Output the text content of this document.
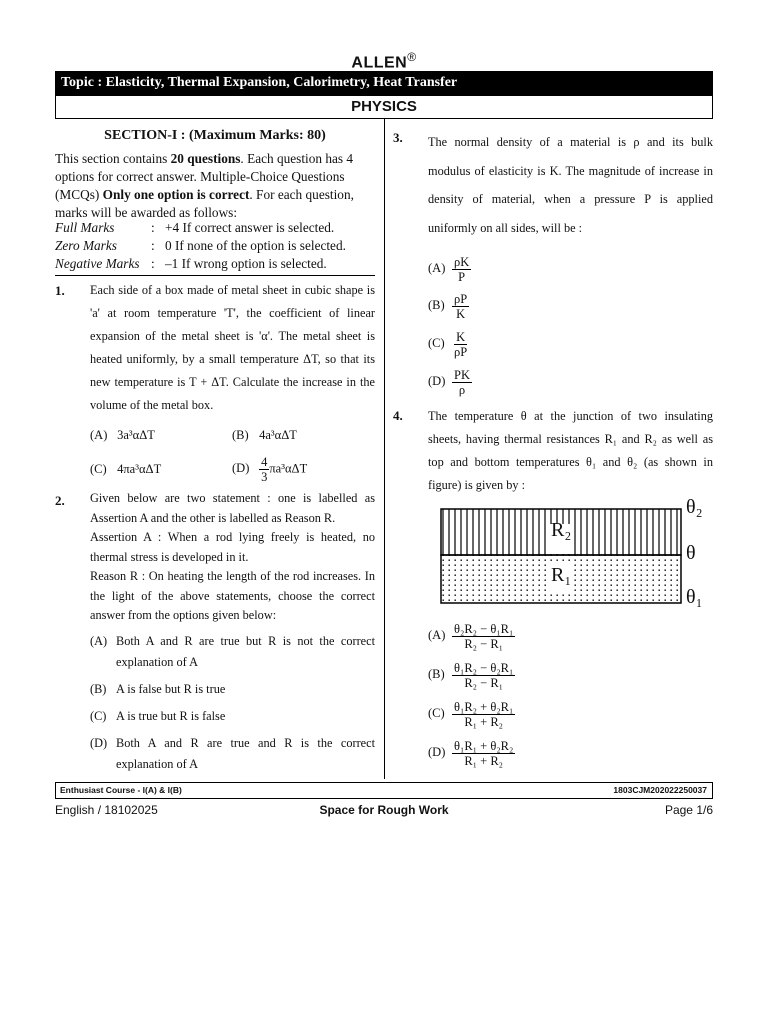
ALLEN®
Topic : Elasticity, Thermal Expansion, Calorimetry, Heat Transfer
PHYSICS
SECTION-I : (Maximum Marks: 80)
This section contains 20 questions. Each question has 4 options for correct answer. Multiple-Choice Questions (MCQs) Only one option is correct. For each question, marks will be awarded as follows:
Full Marks	: +4 If correct answer is selected.
Zero Marks	: 0 If none of the option is selected.
Negative Marks : –1 If wrong option is selected.
1. Each side of a box made of metal sheet in cubic shape is 'a' at room temperature 'T', the coefficient of linear expansion of the metal sheet is 'α'. The metal sheet is heated uniformly, by a small temperature ΔT, so that its new temperature is T + ΔT. Calculate the increase in the volume of the metal box.
(A) 3a³αΔT	(B) 4a³αΔT
(C) 4πa³αΔT	$(D) \frac{4}{3} \pi a^3\alpha\Delta T$
2. Given below are two statement : one is labelled as Assertion A and the other is labelled as Reason R.
Assertion A : When a rod lying freely is heated, no thermal stress is developed in it.
Reason R : On heating the length of the rod increases. In the light of the above statements, choose the correct answer from the options given below:
(A) Both A and R are true but R is not the correct explanation of A
(B) A is false but R is true
(C) A is true but R is false
(D) Both A and R are true and R is the correct explanation of A
3. The normal density of a material is ρ and its bulk modulus of elasticity is K. The magnitude of increase in density of material, when a pressure P is applied uniformly on all sides, will be :
$(A) \frac{\rho K}{P}$
$(B) \frac{\rho P}{K}$
$(C) \frac{K}{\rho P}$
$(D) \frac{PK}{\rho}$
4. The temperature θ at the junction of two insulating sheets, having thermal resistances R₁ and R₂ as well as top and bottom temperatures θ₁ and θ₂ (as shown in figure) is given by :
R₂
R₁
θ₂
θ
θ₁
$(A) \frac{\text{θ₂R₂ − θ₁R₁}}{\text{R₂ − R₁}}$
$(B) \frac{\text{θ₁R₂ − θ₂R₁}}{\text{R₂ − R₁}}$
$(C) \frac{\text{θ₁R₂ + θ₂R₁}}{\text{R₁ + R₂}}$
$(D) \frac{\text{θ₁R₁ + θ₂R₂}}{\text{R₁ + R₂}}$
Enthusiast Course - I(A) & I(B)	1803CJM202022250037
English / 18102025	Space for Rough Work	Page 1/6
